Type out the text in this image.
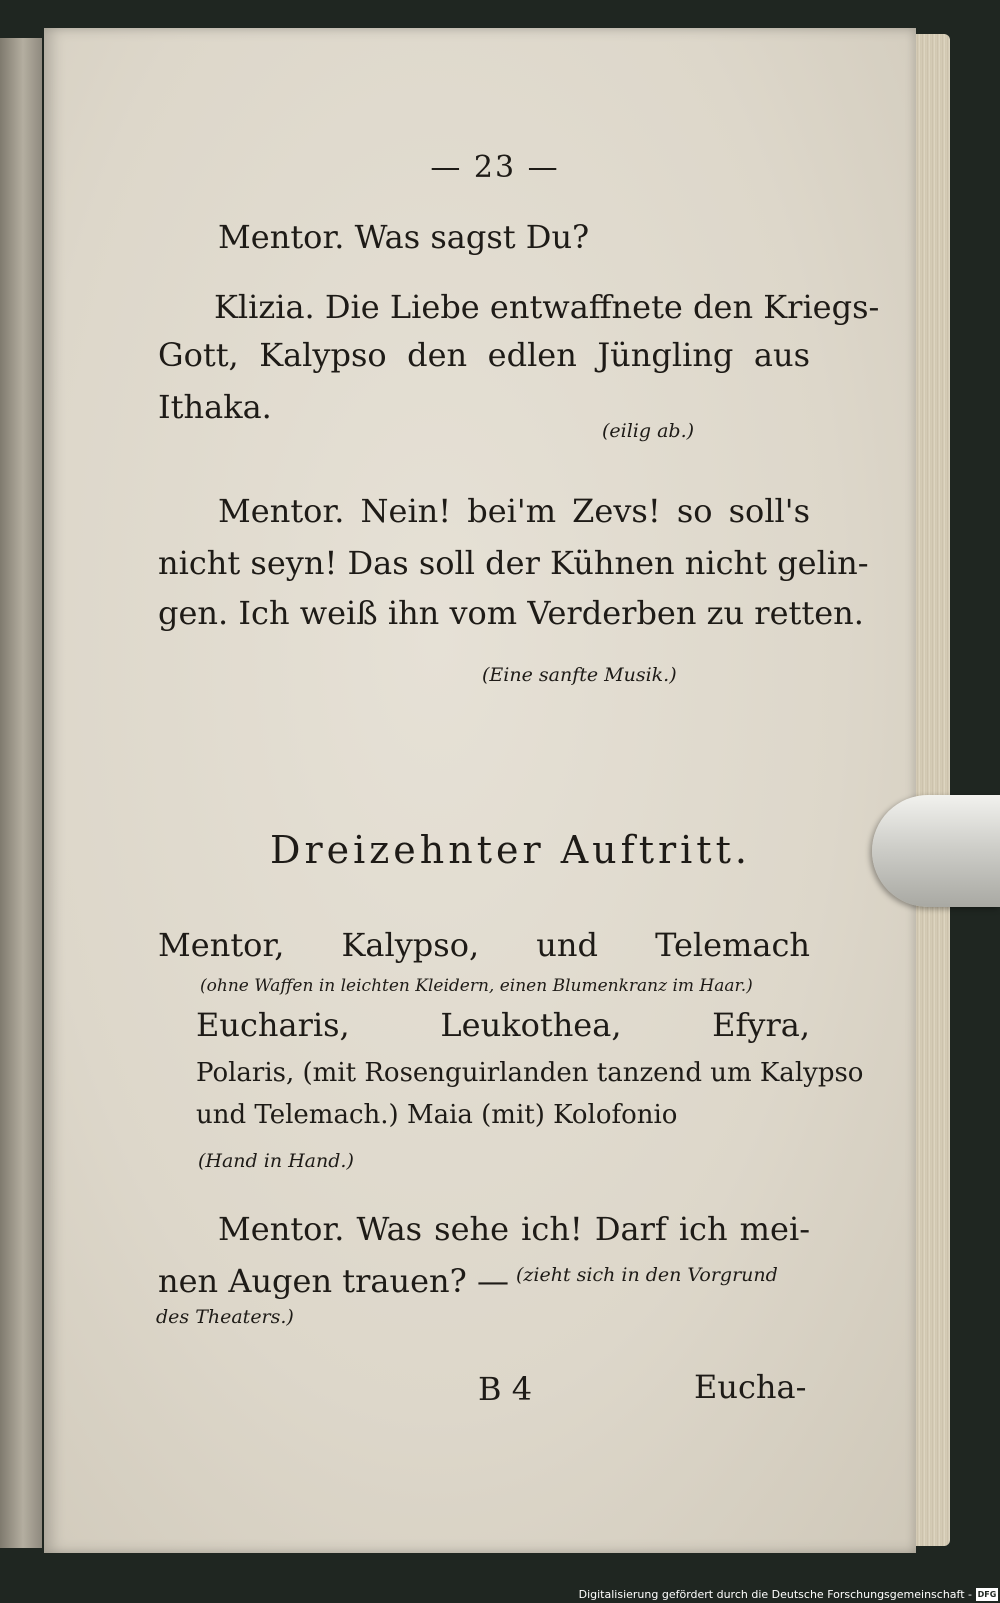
— 23 —
Mentor. Was sagst Du?
Klizia. Die Liebe entwaffnete den Kriegs-
Gott, Kalypso den edlen Jüngling aus
Ithaka.
(eilig ab.)
Mentor. Nein! bei'm Zevs! so soll's
nicht seyn! Das soll der Kühnen nicht gelin-
gen. Ich weiß ihn vom Verderben zu retten.
(Eine sanfte Musik.)
Dreizehnter Auftritt.
Mentor, Kalypso, und Telemach
(ohne Waffen in leichten Kleidern, einen Blumenkranz im Haar.)
Eucharis, Leukothea, Efyra,
Polaris, (mit Rosenguirlanden tanzend um Kalypso
und Telemach.) Maia (mit) Kolofonio
(Hand in Hand.)
Mentor. Was sehe ich! Darf ich mei-
nen Augen trauen? — (zieht sich in den Vorgrund
des Theaters.)
B 4	Eucha-
Digitalisierung gefördert durch die Deutsche Forschungsgemeinschaft - DFG
